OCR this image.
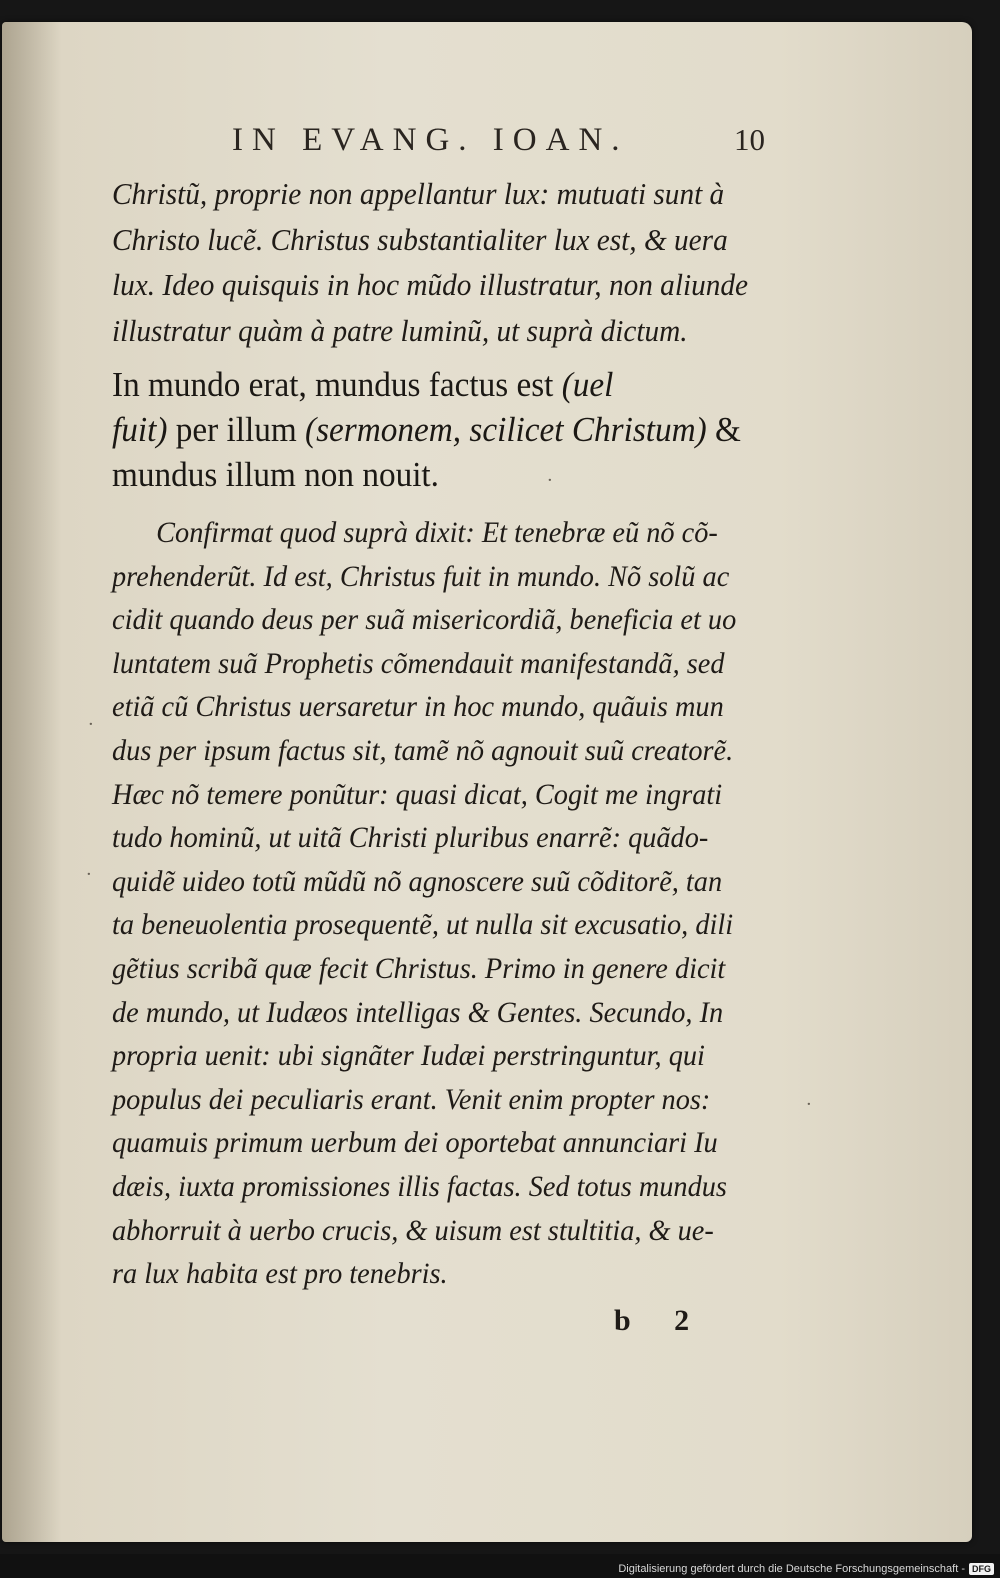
IN EVANG. IOAN.	10
Christũ, proprie non appellantur lux: mutuati sunt à
Christo lucẽ. Christus substantialiter lux est, & uera
lux. Ideo quisquis in hoc mũdo illustratur, non aliunde
illustratur quàm à patre luminũ, ut suprà dictum.
In mundo erat, mundus factus est (uel
fuit) per illum (sermonem, scilicet Christum) &
mundus illum non nouit.
Confirmat quod suprà dixit: Et tenebræ eũ nõ cõ-
prehenderũt. Id est, Christus fuit in mundo. Nõ solũ ac
cidit quando deus per suã misericordiã, beneficia et uo
luntatem suã Prophetis cõmendauit manifestandã, sed
etiã cũ Christus uersaretur in hoc mundo, quãuis mun
dus per ipsum factus sit, tamẽ nõ agnouit suũ creatorẽ.
Hæc nõ temere ponũtur: quasi dicat, Cogit me ingrati
tudo hominũ, ut uitã Christi pluribus enarrẽ: quãdo-
quidẽ uideo totũ mũdũ nõ agnoscere suũ cõditorẽ, tan
ta beneuolentia prosequentẽ, ut nulla sit excusatio, dili
gẽtius scribã quæ fecit Christus. Primo in genere dicit
de mundo, ut Iudæos intelligas & Gentes. Secundo, In
propria uenit: ubi signãter Iudæi perstringuntur, qui
populus dei peculiaris erant. Venit enim propter nos:
quamuis primum uerbum dei oportebat annunciari Iu
dæis, iuxta promissiones illis factas. Sed totus mundus
abhorruit à uerbo crucis, & uisum est stultitia, & ue-
ra lux habita est pro tenebris.
b 2
·
·
·
·
Digitalisierung gefördert durch die Deutsche Forschungsgemeinschaft - DFG
